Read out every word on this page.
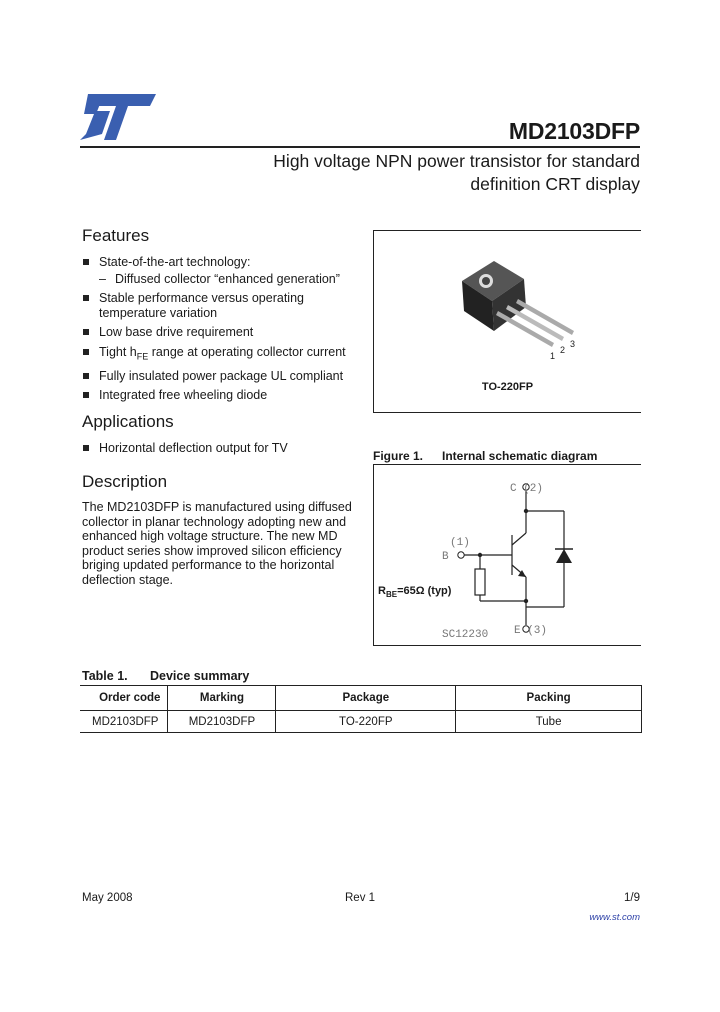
MD2103DFP
High voltage NPN power transistor for standard
definition CRT display
Features
State-of-the-art technology:
– Diffused collector “enhanced generation”
Stable performance versus operating temperature variation
Low base drive requirement
Tight $h_{FE}$ range at operating collector current
Fully insulated power package UL compliant
Integrated free wheeling diode
Applications
Horizontal deflection output for TV
Description

The MD2103DFP is manufactured using diffused collector in planar technology adopting new and enhanced high voltage structure. The new MD product series show improved silicon efficiency briging updated performance to the horizontal deflection stage.

1
2
3
TO-220FP
Figure 1. Internal schematic diagram
C (2)
B
(1)
E (3)
SC12230
$R_{BE}=65\Omega$ (typ)
Table 1. Device summary
Order code	Marking	Package	Packing
MD2103DFP	MD2103DFP	TO-220FP	Tube
May 2008	Rev 1	1/9
www.st.com
